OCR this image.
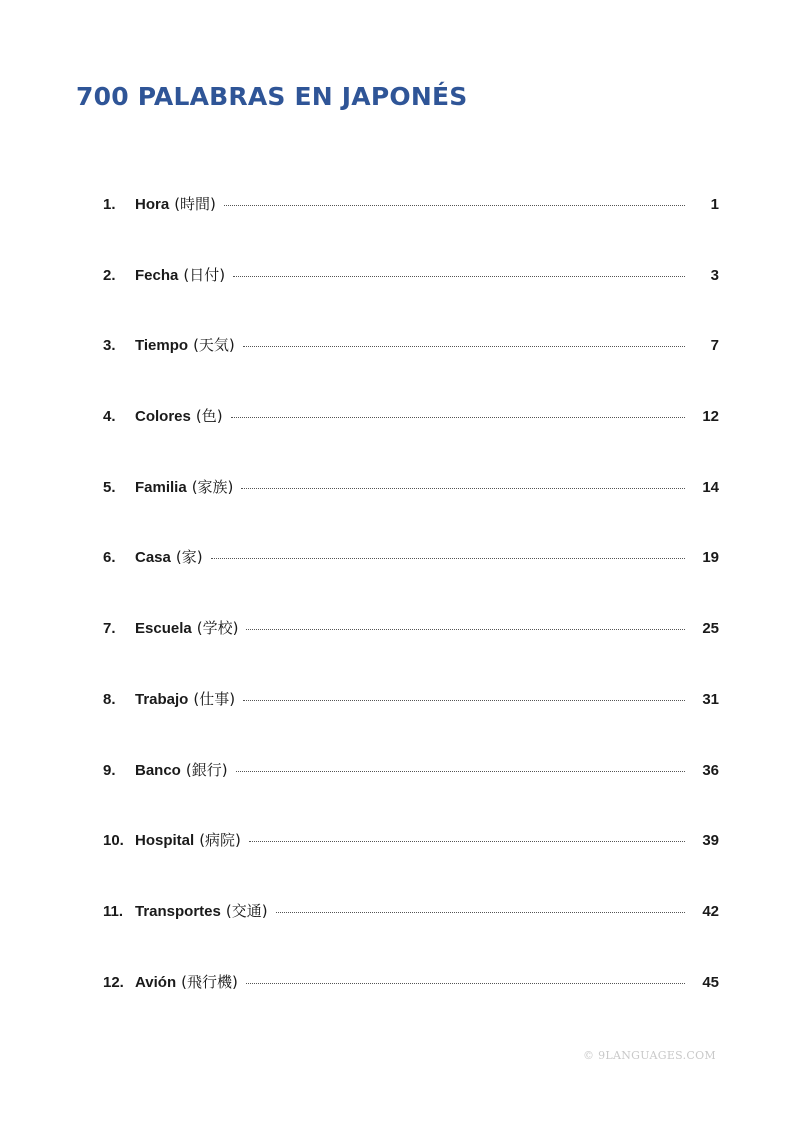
700 PALABRAS EN JAPONÉS
1.	Hora (時間)	1
2.	Fecha (日付)	3
3.	Tiempo (天気)	7
4.	Colores (色)	12
5.	Familia (家族)	14
6.	Casa (家)	19
7.	Escuela (学校)	25
8.	Trabajo (仕事)	31
9.	Banco (銀行)	36
10. Hospital (病院)	39
11. Transportes (交通)	42
12. Avión (飛行機)	45
© 9LANGUAGES.COM
